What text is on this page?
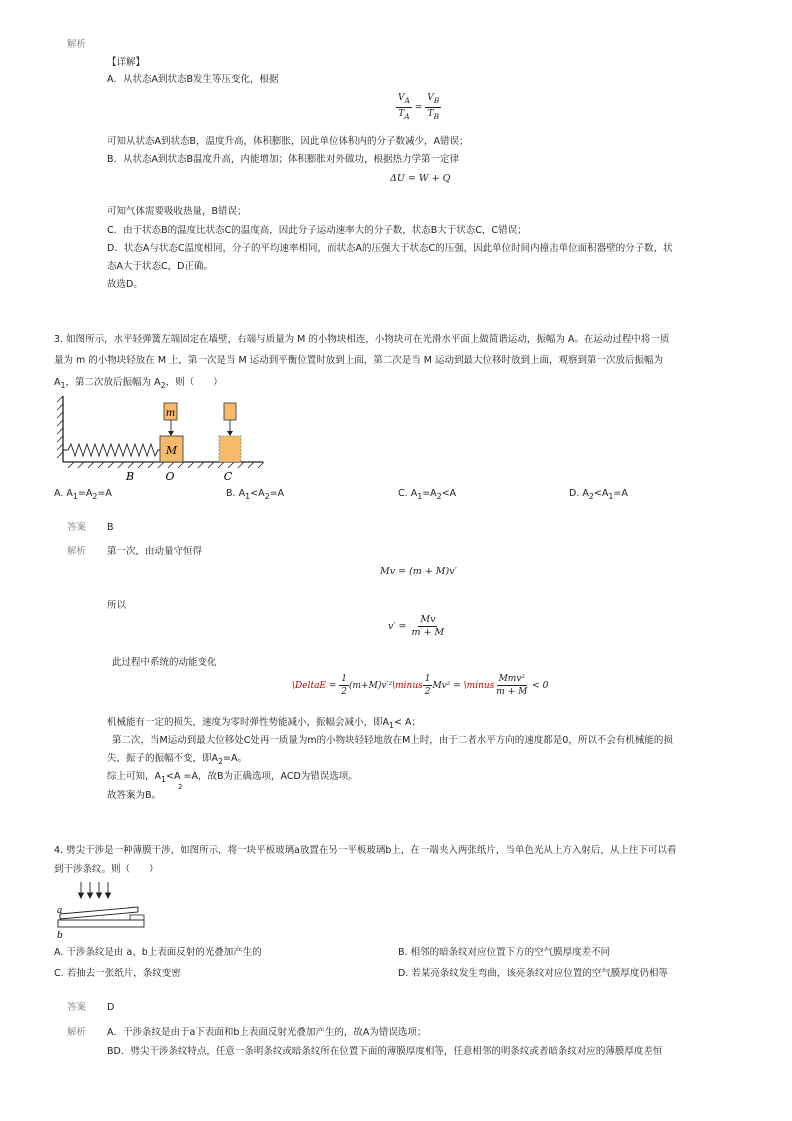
解析
【详解】
A．从状态A到状态B发生等压变化，根据
$\frac{V_A}{T_A} = \frac{V_B}{T_B}$
可知从状态A到状态B，温度升高，体积膨胀，因此单位体积内的分子数减少，A错误；
B．从状态A到状态B温度升高，内能增加；体积膨胀对外做功，根据热力学第一定律
ΔU = W + Q
可知气体需要吸收热量，B错误；
C．由于状态B的温度比状态C的温度高，因此分子运动速率大的分子数，状态B大于状态C，C错误；
D．状态A与状态C温度相同，分子的平均速率相同，而状态A的压强大于状态C的压强，因此单位时间内撞击单位面积器壁的分子数，状
态A大于状态C，D正确。
故选D。
3. 如图所示，水平轻弹簧左端固定在墙壁，右端与质量为 M 的小物块相连，小物块可在光滑水平面上做简谐运动，振幅为 A。在运动过程中将一质
量为 m 的小物块轻放在 M 上，第一次是当 M 运动到平衡位置时放到上面，第二次是当 M 运动到最大位移时放到上面，观察到第一次放后振幅为
$A_1$，第二次放后振幅为 $A_2$，则（　　）
M
m
B	O	C
A. $A_1=A_2=A$	B. $A_1<A_2=A$	C. $A_1=A_2<A$	D. $A_2<A_1=A$
答案 B
解析 第一次，由动量守恒得
Mv = (m + M)v′
所以
$v' = \frac{Mv}{m + M}$
此过程中系统的动能变化
\DeltaE = $\frac{1}{2}$ (m+M)v′²\minus $\frac{1}{2} Mv^2$ = \minus $\frac{\text{Mmv²}}{m + M} < 0$
机械能有一定的损失，速度为零时弹性势能减小，振幅会减小，即$A_1< A$；
第二次，当M运动到最大位移处C处再一质量为m的小物块轻轻地放在M上时，由于二者水平方向的速度都是0，所以不会有机械能的损
失，振子的振幅不变，即$A_2=A$。
综上可知，$A_1<A =A$，故B为正确选项，ACD为错误选项。
2
故答案为B。
4. 劈尖干涉是一种薄膜干涉，如图所示，将一块平板玻璃a放置在另一平板玻璃b上，在一端夹入两张纸片，当单色光从上方入射后，从上往下可以看
到干涉条纹。则（　　）
a
b
A. 干涉条纹是由 a、b上表面反射的光叠加产生的	B. 相邻的暗条纹对应位置下方的空气膜厚度差不同
C. 若抽去一张纸片，条纹变密	D. 若某亮条纹发生弯曲，该亮条纹对应位置的空气膜厚度仍相等
答案 D
解析 A．干涉条纹是由于a下表面和b上表面反射光叠加产生的，故A为错误选项；
BD．劈尖干涉条纹特点，任意一条明条纹或暗条纹所在位置下面的薄膜厚度相等，任意相邻的明条纹或者暗条纹对应的薄膜厚度差恒
